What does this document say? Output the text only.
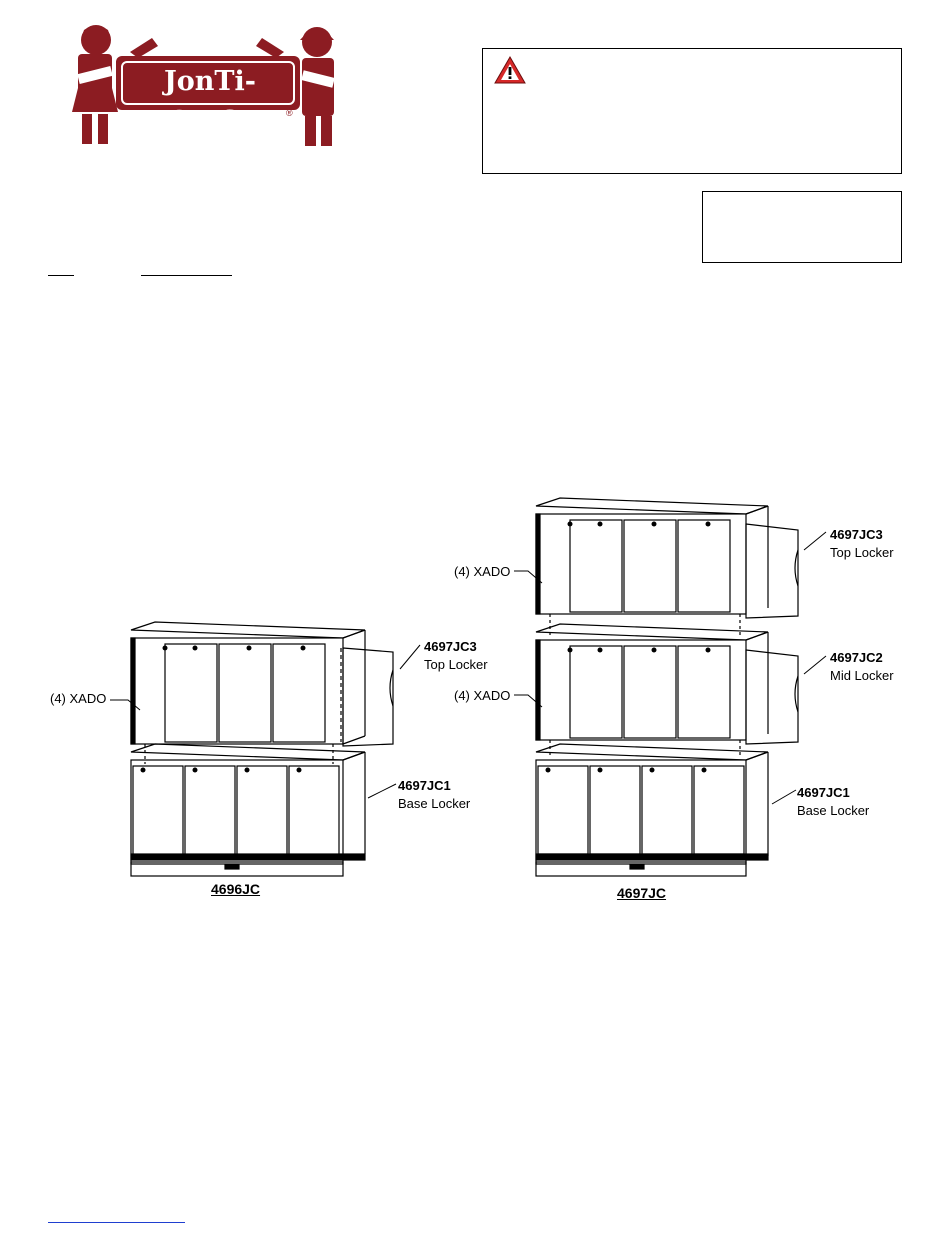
JonTi-CrafT	®
(4) XADO
4697JC3
Top Locker
4697JC1
Base Locker
4696JC
(4) XADO
(4) XADO
4697JC3
Top Locker
4697JC2
Mid Locker
4697JC1
Base Locker
4697JC
